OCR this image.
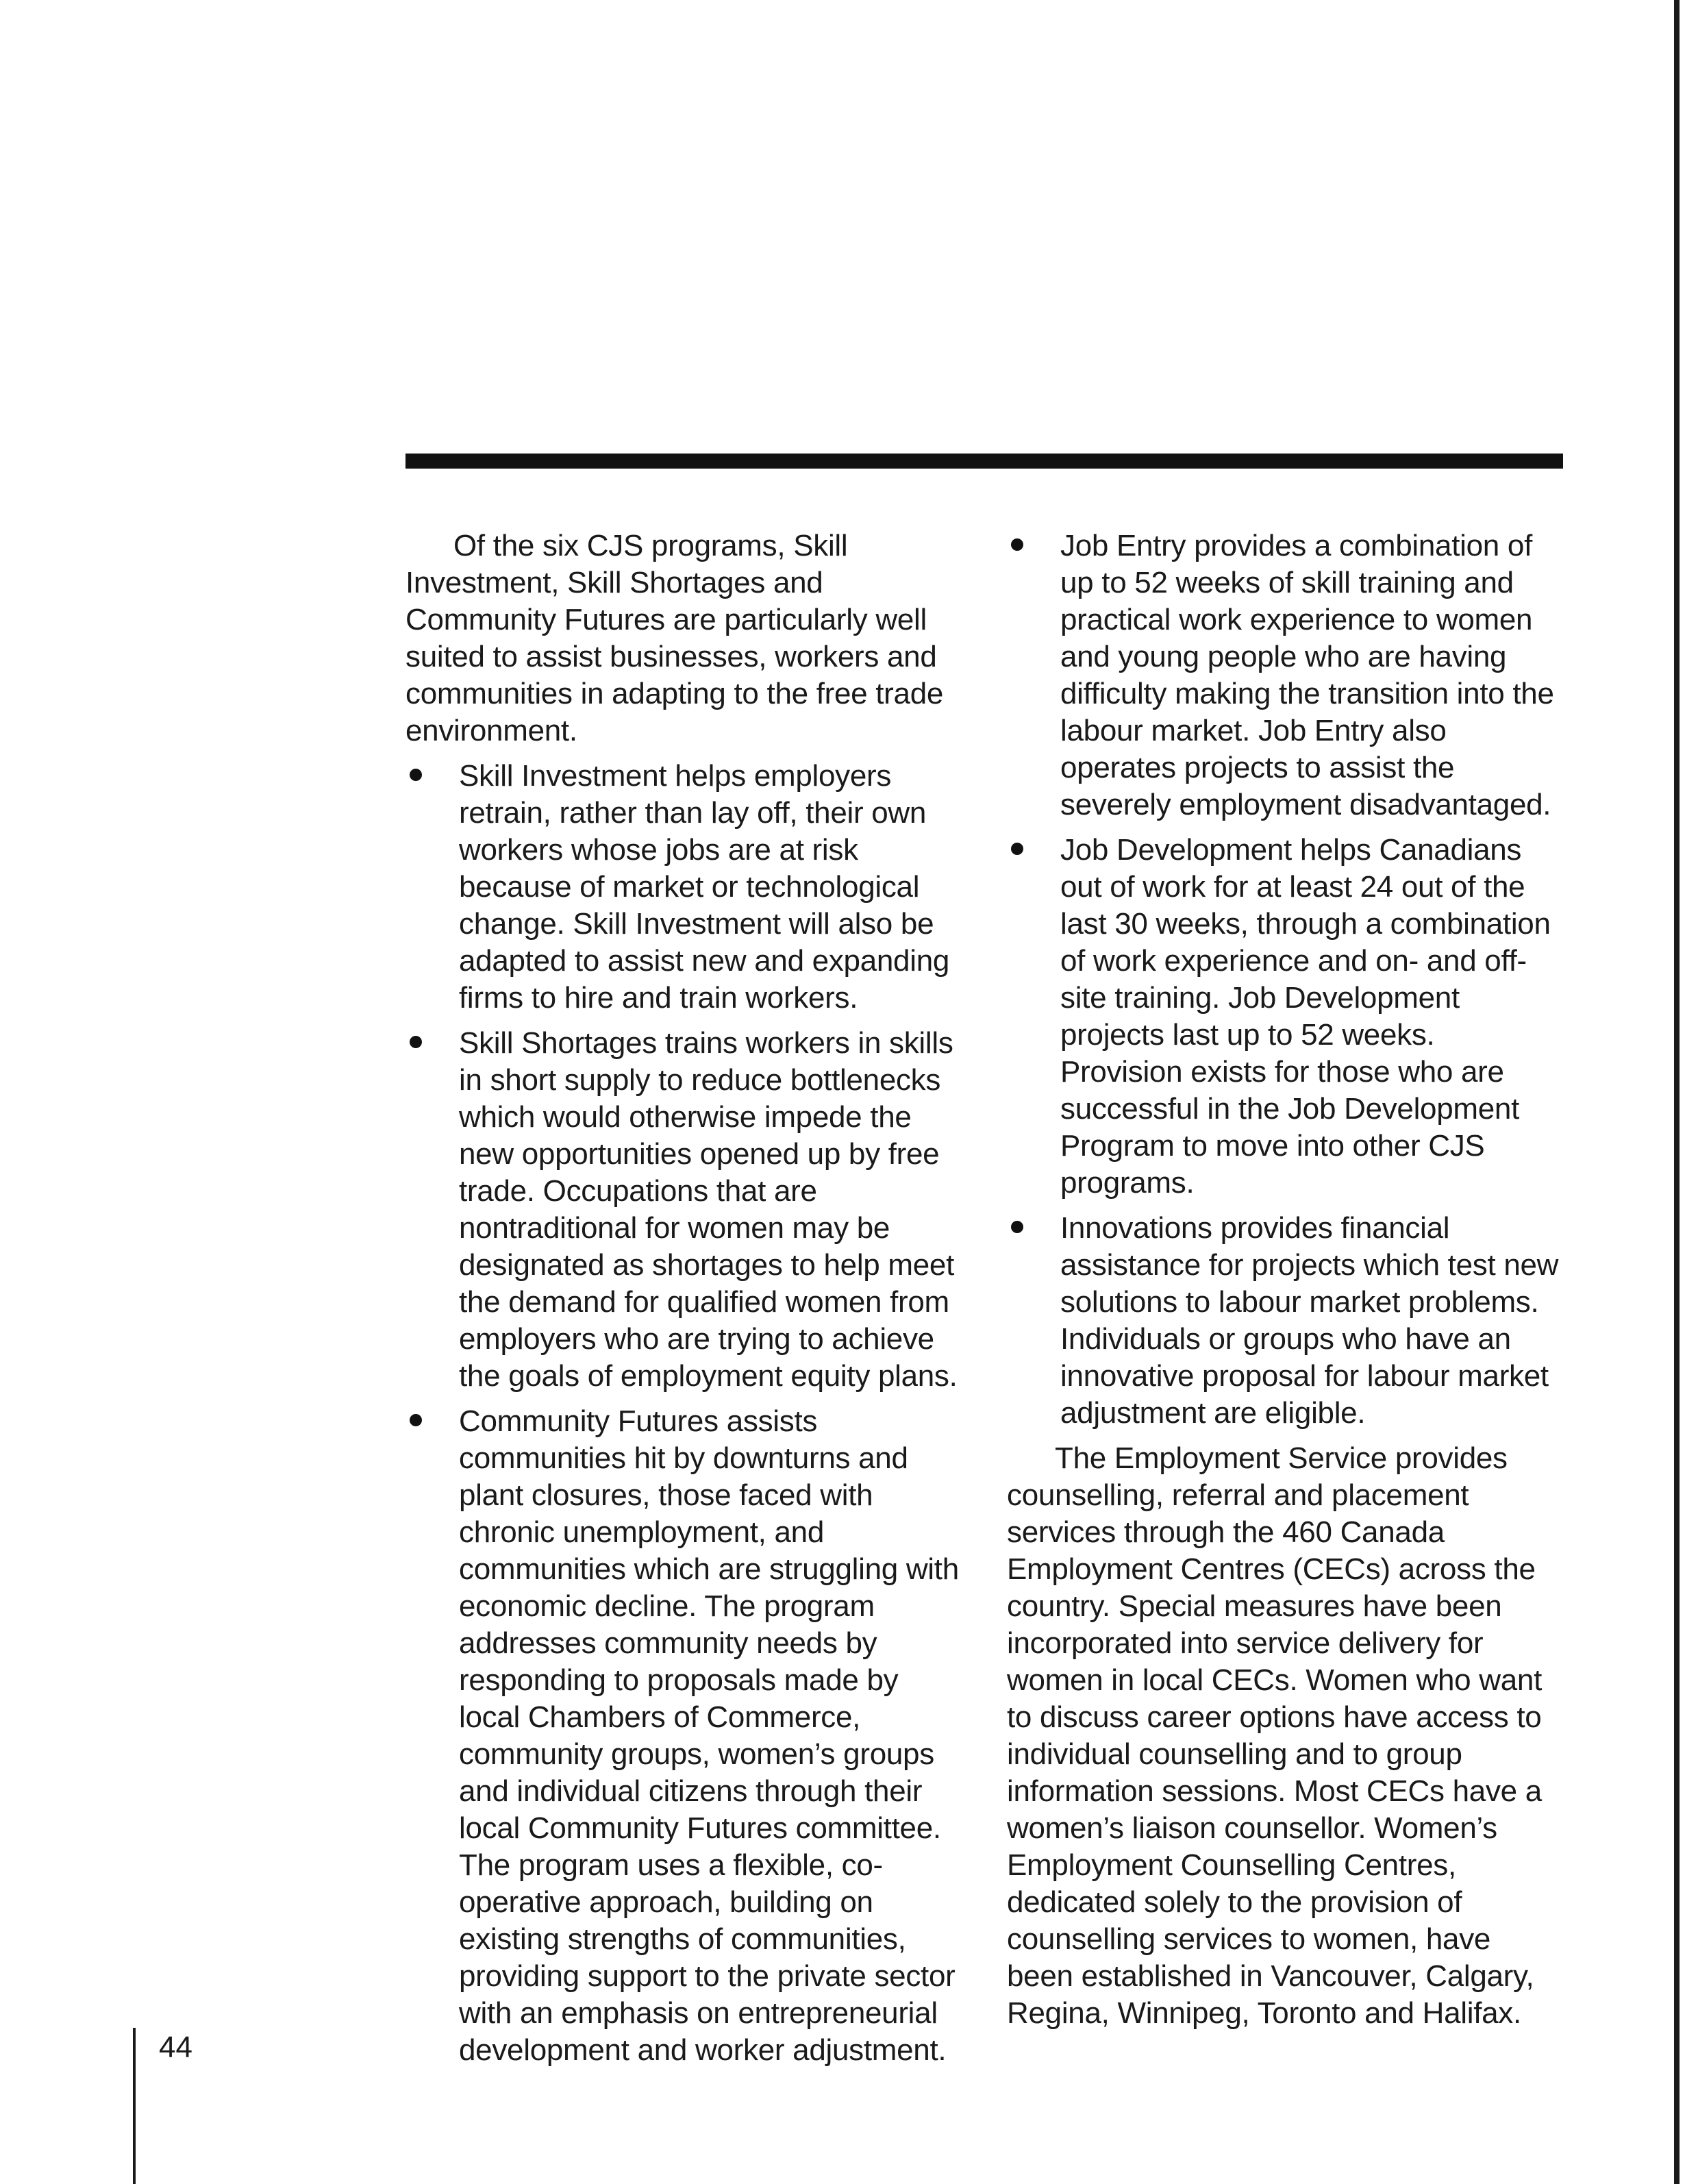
Of the six CJS programs, Skill Investment, Skill Shortages and Community Futures are particularly well suited to assist businesses, workers and communities in adapting to the free trade environment.

Skill Investment helps employers retrain, rather than lay off, their own workers whose jobs are at risk because of market or technological change. Skill Investment will also be adapted to assist new and expanding firms to hire and train workers.
Skill Shortages trains workers in skills in short supply to reduce bottlenecks which would otherwise impede the new opportunities opened up by free trade. Occupations that are nontraditional for women may be designated as shortages to help meet the demand for qualified women from employers who are trying to achieve the goals of employment equity plans.
Community Futures assists communities hit by downturns and plant closures, those faced with chronic unemployment, and communities which are struggling with economic decline. The program addresses community needs by responding to proposals made by local Chambers of Commerce, community groups, women’s groups and individual citizens through their local Community Futures committee. The program uses a flexible, co-operative approach, building on existing strengths of communities, providing support to the private sector with an emphasis on entrepreneurial development and worker adjustment.
Job Entry provides a combination of up to 52 weeks of skill training and practical work experience to women and young people who are having difficulty making the transition into the labour market. Job Entry also operates projects to assist the severely employment disadvantaged.
Job Development helps Canadians out of work for at least 24 out of the last 30 weeks, through a combination of work experience and on- and off-site training. Job Development projects last up to 52 weeks. Provision exists for those who are successful in the Job Development Program to move into other CJS programs.
Innovations provides financial assistance for projects which test new solutions to labour market problems. Individuals or groups who have an innovative proposal for labour market adjustment are eligible.

The Employment Service provides counselling, referral and placement services through the 460 Canada Employment Centres (CECs) across the country. Special measures have been incorporated into service delivery for women in local CECs. Women who want to discuss career options have access to individual counselling and to group information sessions. Most CECs have a women’s liaison counsellor. Women’s Employment Counselling Centres, dedicated solely to the provision of counselling services to women, have been established in Vancouver, Calgary, Regina, Winnipeg, Toronto and Halifax.

44
